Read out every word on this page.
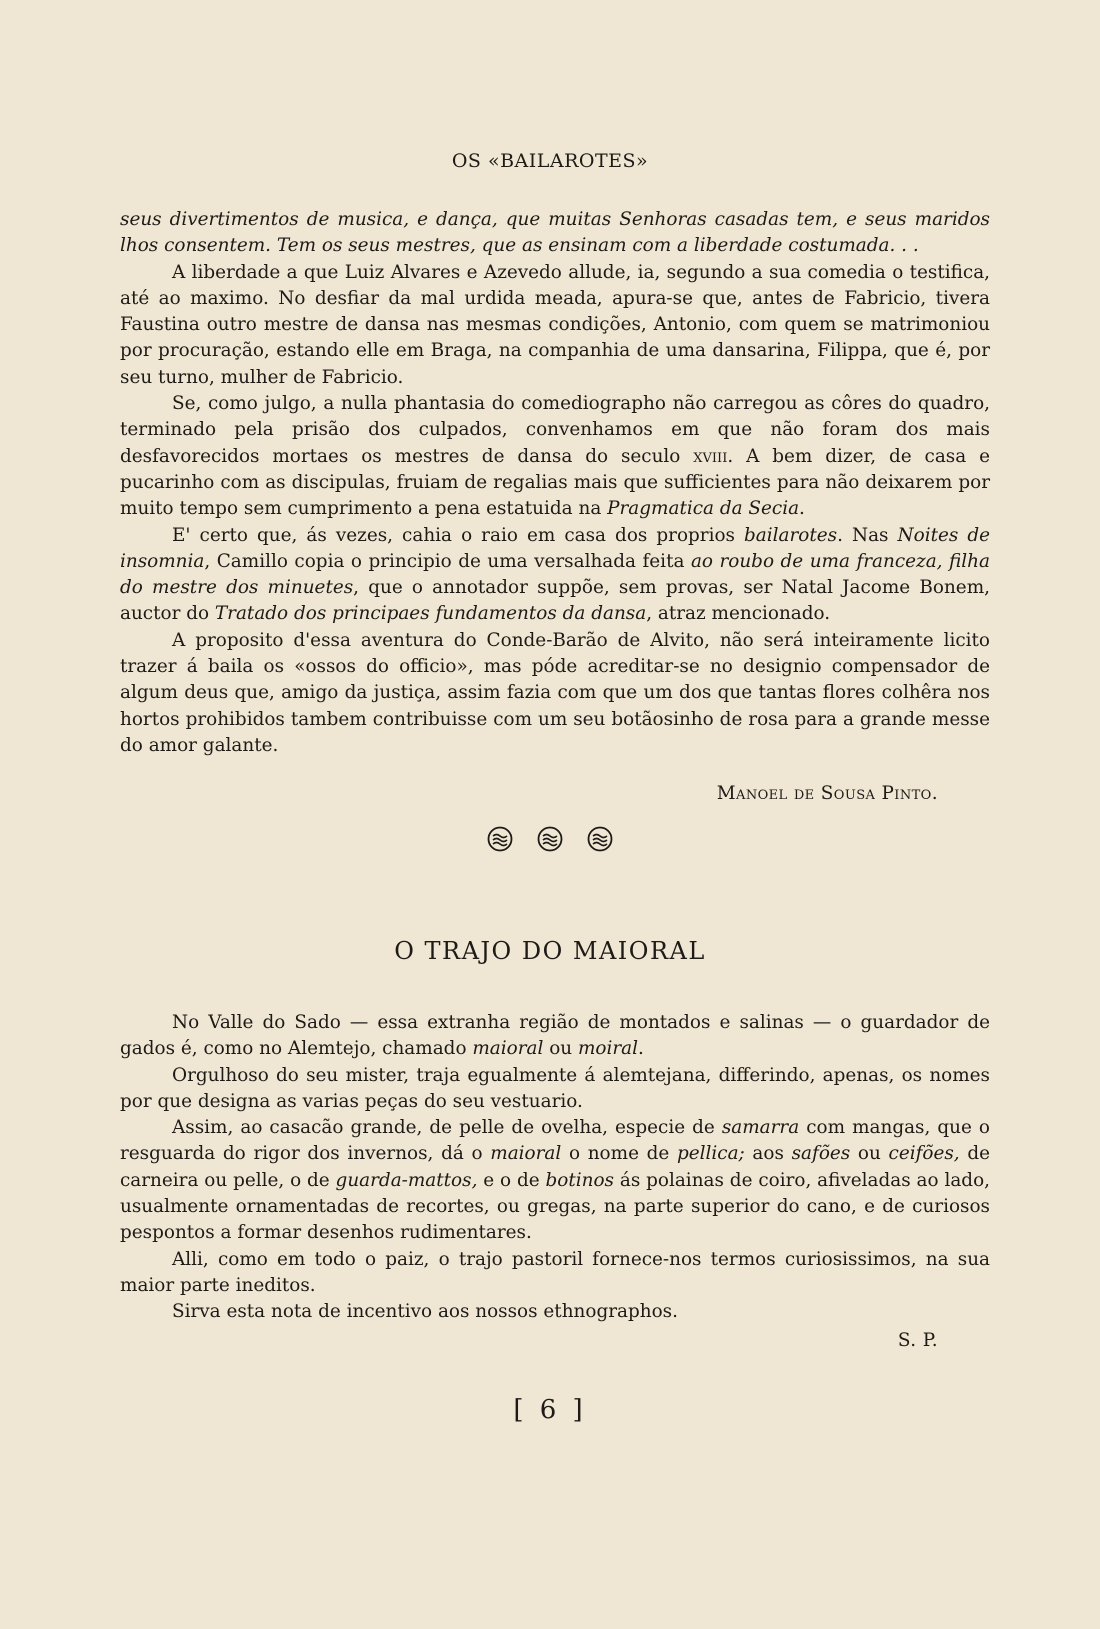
OS «BAILAROTES»

seus divertimentos de musica, e dança, que muitas Senhoras casadas tem, e seus maridos lhos consentem. Tem os seus mestres, que as ensinam com a liberdade costumada. . .

A liberdade a que Luiz Alvares e Azevedo allude, ia, segundo a sua comedia o testifica, até ao maximo. No desfiar da mal urdida meada, apura-se que, antes de Fabricio, tivera Faustina outro mestre de dansa nas mesmas condições, Antonio, com quem se matrimoniou por procuração, estando elle em Braga, na companhia de uma dansarina, Filippa, que é, por seu turno, mulher de Fabricio.

Se, como julgo, a nulla phantasia do comediographo não carregou as côres do quadro, terminado pela prisão dos culpados, convenhamos em que não foram dos mais desfavorecidos mortaes os mestres de dansa do seculo xviii. A bem dizer, de casa e pucarinho com as discipulas, fruiam de regalias mais que sufficientes para não deixarem por muito tempo sem cumprimento a pena estatuida na Pragmatica da Secia.

E' certo que, ás vezes, cahia o raio em casa dos proprios bailarotes. Nas Noites de insomnia, Camillo copia o principio de uma versalhada feita ao roubo de uma franceza, filha do mestre dos minuetes, que o annotador suppõe, sem provas, ser Natal Jacome Bonem, auctor do Tratado dos principaes fundamentos da dansa, atraz mencionado.

A proposito d'essa aventura do Conde-Barão de Alvito, não será inteiramente licito trazer á baila os «ossos do officio», mas póde acreditar-se no designio compensador de algum deus que, amigo da justiça, assim fazia com que um dos que tantas flores colhêra nos hortos prohibidos tambem contribuisse com um seu botãosinho de rosa para a grande messe do amor galante.

Manoel de Sousa Pinto.
O TRAJO DO MAIORAL

No Valle do Sado — essa extranha região de montados e salinas — o guardador de gados é, como no Alemtejo, chamado maioral ou moiral.

Orgulhoso do seu mister, traja egualmente á alemtejana, differindo, apenas, os nomes por que designa as varias peças do seu vestuario.

Assim, ao casacão grande, de pelle de ovelha, especie de samarra com mangas, que o resguarda do rigor dos invernos, dá o maioral o nome de pellica; aos safões ou ceifões, de carneira ou pelle, o de guarda-mattos, e o de botinos ás polainas de coiro, afiveladas ao lado, usualmente ornamentadas de recortes, ou gregas, na parte superior do cano, e de curiosos pespontos a formar desenhos rudimentares.

Alli, como em todo o paiz, o trajo pastoril fornece-nos termos curiosissimos, na sua maior parte ineditos.

Sirva esta nota de incentivo aos nossos ethnographos.

S. P.
[ 6 ]
